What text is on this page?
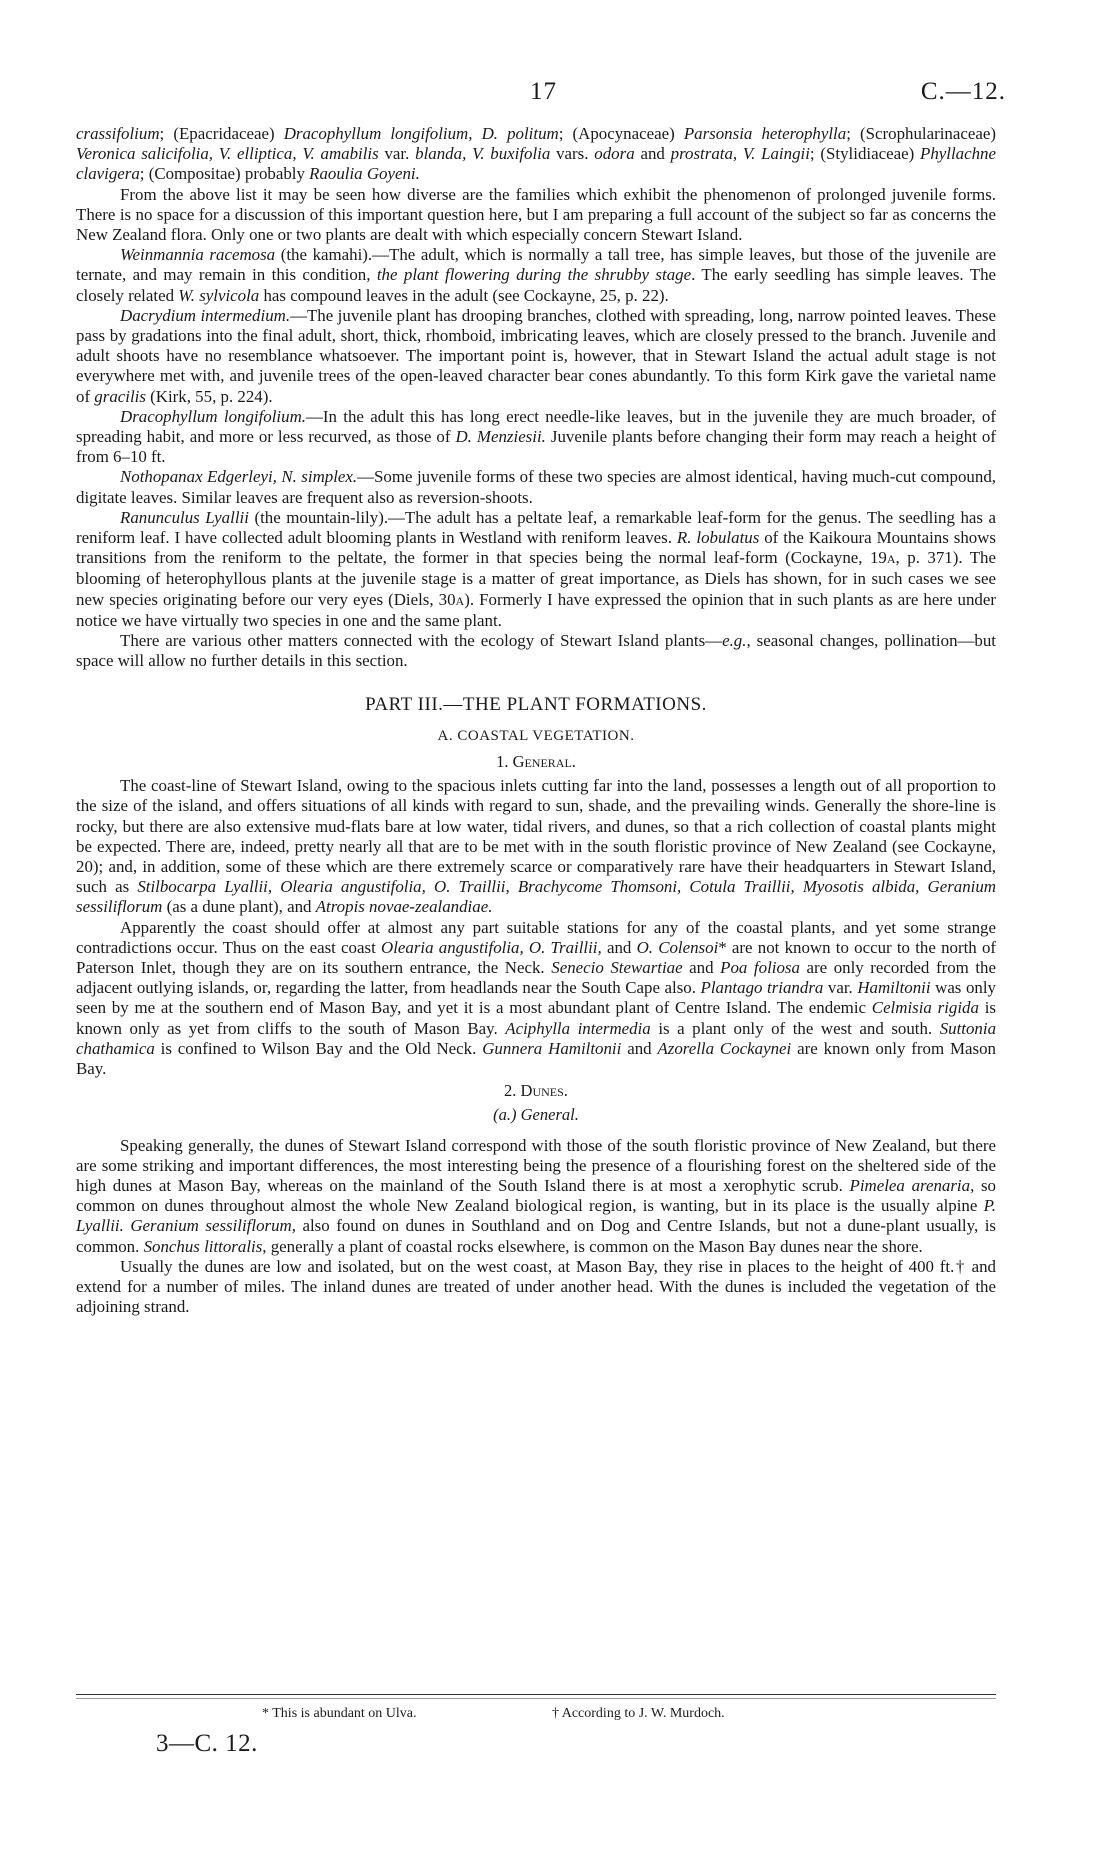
17	C.—12.

crassifolium; (Epacridaceae) Dracophyllum longifolium, D. politum; (Apocynaceae) Parsonsia heterophylla; (Scrophularinaceae) Veronica salicifolia, V. elliptica, V. amabilis var. blanda, V. buxifolia vars. odora and prostrata, V. Laingii; (Stylidiaceae) Phyllachne clavigera; (Compositae) probably Raoulia Goyeni.

From the above list it may be seen how diverse are the families which exhibit the phenomenon of prolonged juvenile forms. There is no space for a discussion of this important question here, but I am preparing a full account of the subject so far as concerns the New Zealand flora. Only one or two plants are dealt with which especially concern Stewart Island.

Weinmannia racemosa (the kamahi).—The adult, which is normally a tall tree, has simple leaves, but those of the juvenile are ternate, and may remain in this condition, the plant flowering during the shrubby stage. The early seedling has simple leaves. The closely related W. sylvicola has compound leaves in the adult (see Cockayne, 25, p. 22).

Dacrydium intermedium.—The juvenile plant has drooping branches, clothed with spreading, long, narrow pointed leaves. These pass by gradations into the final adult, short, thick, rhomboid, imbricating leaves, which are closely pressed to the branch. Juvenile and adult shoots have no resemblance whatsoever. The important point is, however, that in Stewart Island the actual adult stage is not everywhere met with, and juvenile trees of the open-leaved character bear cones abundantly. To this form Kirk gave the varietal name of gracilis (Kirk, 55, p. 224).

Dracophyllum longifolium.—In the adult this has long erect needle-like leaves, but in the juvenile they are much broader, of spreading habit, and more or less recurved, as those of D. Menziesii. Juvenile plants before changing their form may reach a height of from 6–10 ft.

Nothopanax Edgerleyi, N. simplex.—Some juvenile forms of these two species are almost identical, having much-cut compound, digitate leaves. Similar leaves are frequent also as reversion-shoots.

Ranunculus Lyallii (the mountain-lily).—The adult has a peltate leaf, a remarkable leaf-form for the genus. The seedling has a reniform leaf. I have collected adult blooming plants in Westland with reniform leaves. R. lobulatus of the Kaikoura Mountains shows transitions from the reniform to the peltate, the former in that species being the normal leaf-form (Cockayne, 19A, p. 371). The blooming of heterophyllous plants at the juvenile stage is a matter of great importance, as Diels has shown, for in such cases we see new species originating before our very eyes (Diels, 30A). Formerly I have expressed the opinion that in such plants as are here under notice we have virtually two species in one and the same plant.

There are various other matters connected with the ecology of Stewart Island plants—e.g., seasonal changes, pollination—but space will allow no further details in this section.

PART III.—THE PLANT FORMATIONS.

A. COASTAL VEGETATION.

1. General.

The coast-line of Stewart Island, owing to the spacious inlets cutting far into the land, possesses a length out of all proportion to the size of the island, and offers situations of all kinds with regard to sun, shade, and the prevailing winds. Generally the shore-line is rocky, but there are also extensive mud-flats bare at low water, tidal rivers, and dunes, so that a rich collection of coastal plants might be expected. There are, indeed, pretty nearly all that are to be met with in the south floristic province of New Zealand (see Cockayne, 20); and, in addition, some of these which are there extremely scarce or comparatively rare have their headquarters in Stewart Island, such as Stilbocarpa Lyallii, Olearia angustifolia, O. Traillii, Brachycome Thomsoni, Cotula Traillii, Myosotis albida, Geranium sessiliflorum (as a dune plant), and Atropis novae-zealandiae.

Apparently the coast should offer at almost any part suitable stations for any of the coastal plants, and yet some strange contradictions occur. Thus on the east coast Olearia angustifolia, O. Traillii, and O. Colensoi* are not known to occur to the north of Paterson Inlet, though they are on its southern entrance, the Neck. Senecio Stewartiae and Poa foliosa are only recorded from the adjacent outlying islands, or, regarding the latter, from headlands near the South Cape also. Plantago triandra var. Hamiltonii was only seen by me at the southern end of Mason Bay, and yet it is a most abundant plant of Centre Island. The endemic Celmisia rigida is known only as yet from cliffs to the south of Mason Bay. Aciphylla intermedia is a plant only of the west and south. Suttonia chathamica is confined to Wilson Bay and the Old Neck. Gunnera Hamiltonii and Azorella Cockaynei are known only from Mason Bay.

2. Dunes.

(a.) General.

Speaking generally, the dunes of Stewart Island correspond with those of the south floristic province of New Zealand, but there are some striking and important differences, the most interesting being the presence of a flourishing forest on the sheltered side of the high dunes at Mason Bay, whereas on the mainland of the South Island there is at most a xerophytic scrub. Pimelea arenaria, so common on dunes throughout almost the whole New Zealand biological region, is wanting, but in its place is the usually alpine P. Lyallii. Geranium sessiliflorum, also found on dunes in Southland and on Dog and Centre Islands, but not a dune-plant usually, is common. Sonchus littoralis, generally a plant of coastal rocks elsewhere, is common on the Mason Bay dunes near the shore.

Usually the dunes are low and isolated, but on the west coast, at Mason Bay, they rise in places to the height of 400 ft.† and extend for a number of miles. The inland dunes are treated of under another head. With the dunes is included the vegetation of the adjoining strand.

* This is abundant on Ulva.	† According to J. W. Murdoch.
3—C. 12.
